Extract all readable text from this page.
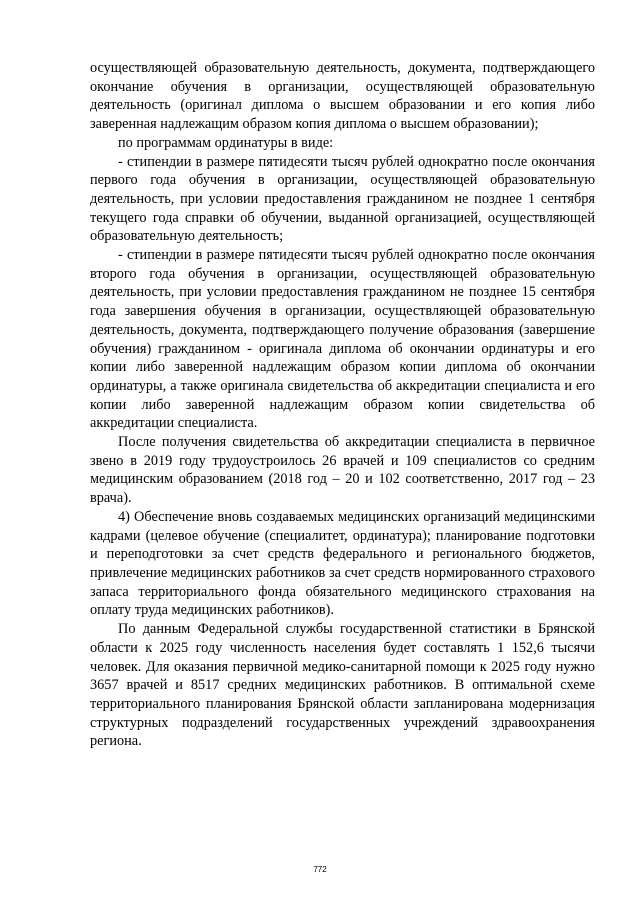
осуществляющей образовательную деятельность, документа, подтверждающего окончание обучения в организации, осуществляющей образовательную деятельность (оригинал диплома о высшем образовании и его копия либо заверенная надлежащим образом копия диплома о высшем образовании);

по программам ординатуры в виде:

- стипендии в размере пятидесяти тысяч рублей однократно после окончания первого года обучения в организации, осуществляющей образовательную деятельность, при условии предоставления гражданином не позднее 1 сентября текущего года справки об обучении, выданной организацией, осуществляющей образовательную деятельность;

- стипендии в размере пятидесяти тысяч рублей однократно после окончания второго года обучения в организации, осуществляющей образовательную деятельность, при условии предоставления гражданином не позднее 15 сентября года завершения обучения в организации, осуществляющей образовательную деятельность, документа, подтверждающего получение образования (завершение обучения) гражданином - оригинала диплома об окончании ординатуры и его копии либо заверенной надлежащим образом копии диплома об окончании ординатуры, а также оригинала свидетельства об аккредитации специалиста и его копии либо заверенной надлежащим образом копии свидетельства об аккредитации специалиста.

После получения свидетельства об аккредитации специалиста в первичное звено в 2019 году трудоустроилось 26 врачей и 109 специалистов со средним медицинским образованием (2018 год – 20 и 102 соответственно, 2017 год – 23 врача).

4) Обеспечение вновь создаваемых медицинских организаций медицинскими кадрами (целевое обучение (специалитет, ординатура); планирование подготовки и переподготовки за счет средств федерального и регионального бюджетов, привлечение медицинских работников за счет средств нормированного страхового запаса территориального фонда обязательного медицинского страхования на оплату труда медицинских работников).

По данным Федеральной службы государственной статистики в Брянской области к 2025 году численность населения будет составлять 1 152,6 тысячи человек. Для оказания первичной медико-санитарной помощи к 2025 году нужно 3657 врачей и 8517 средних медицинских работников. В оптимальной схеме территориального планирования Брянской области запланирована модернизация структурных подразделений государственных учреждений здравоохранения региона.

772
